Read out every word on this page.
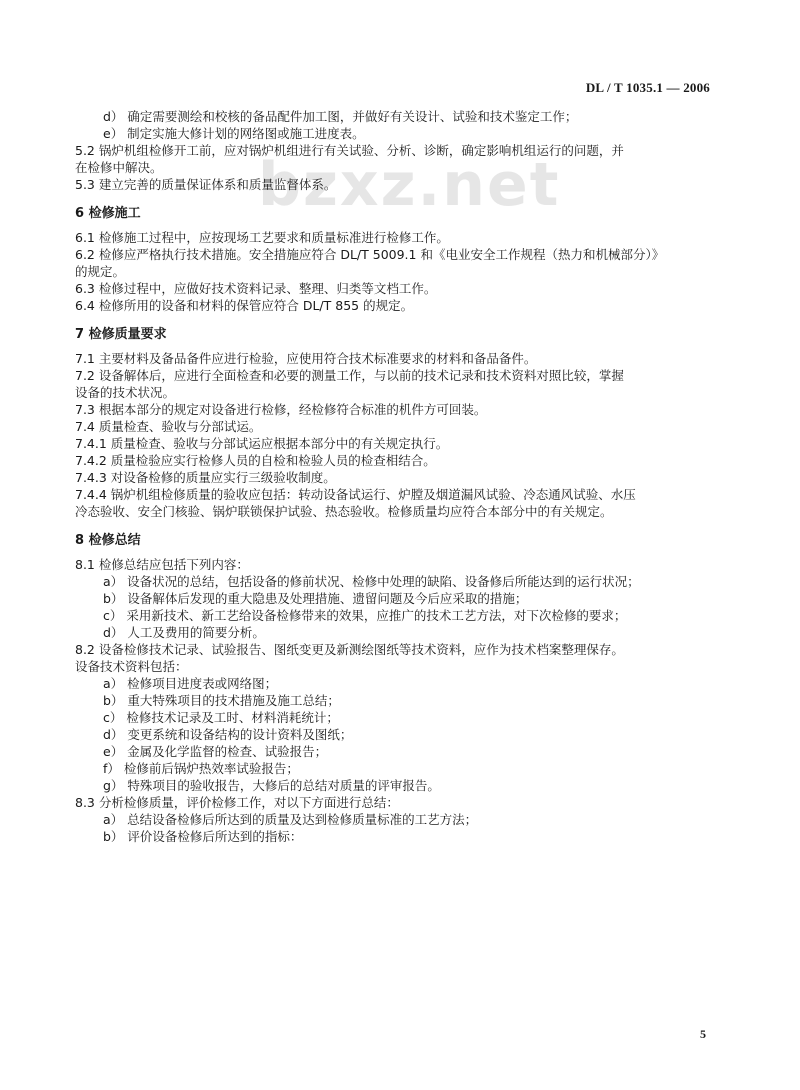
DL / T 1035.1 — 2006
bzxz.net
d） 确定需要测绘和校核的备品配件加工图，并做好有关设计、试验和技术鉴定工作；
e） 制定实施大修计划的网络图或施工进度表。
5.2 锅炉机组检修开工前，应对锅炉机组进行有关试验、分析、诊断，确定影响机组运行的问题，并
在检修中解决。
5.3 建立完善的质量保证体系和质量监督体系。
6 检修施工
6.1 检修施工过程中，应按现场工艺要求和质量标准进行检修工作。
6.2 检修应严格执行技术措施。安全措施应符合 DL/T 5009.1 和《电业安全工作规程（热力和机械部分）》
的规定。
6.3 检修过程中，应做好技术资料记录、整理、归类等文档工作。
6.4 检修所用的设备和材料的保管应符合 DL/T 855 的规定。
7 检修质量要求
7.1 主要材料及备品备件应进行检验，应使用符合技术标准要求的材料和备品备件。
7.2 设备解体后，应进行全面检查和必要的测量工作，与以前的技术记录和技术资料对照比较，掌握
设备的技术状况。
7.3 根据本部分的规定对设备进行检修，经检修符合标准的机件方可回装。
7.4 质量检查、验收与分部试运。
7.4.1 质量检查、验收与分部试运应根据本部分中的有关规定执行。
7.4.2 质量检验应实行检修人员的自检和检验人员的检查相结合。
7.4.3 对设备检修的质量应实行三级验收制度。
7.4.4 锅炉机组检修质量的验收应包括：转动设备试运行、炉膛及烟道漏风试验、冷态通风试验、水压
冷态验收、安全门核验、锅炉联锁保护试验、热态验收。检修质量均应符合本部分中的有关规定。
8 检修总结
8.1 检修总结应包括下列内容：
a） 设备状况的总结，包括设备的修前状况、检修中处理的缺陷、设备修后所能达到的运行状况；
b） 设备解体后发现的重大隐患及处理措施、遗留问题及今后应采取的措施；
c） 采用新技术、新工艺给设备检修带来的效果，应推广的技术工艺方法，对下次检修的要求；
d） 人工及费用的简要分析。
8.2 设备检修技术记录、试验报告、图纸变更及新测绘图纸等技术资料，应作为技术档案整理保存。
设备技术资料包括：
a） 检修项目进度表或网络图；
b） 重大特殊项目的技术措施及施工总结；
c） 检修技术记录及工时、材料消耗统计；
d） 变更系统和设备结构的设计资料及图纸；
e） 金属及化学监督的检查、试验报告；
f） 检修前后锅炉热效率试验报告；
g） 特殊项目的验收报告，大修后的总结对质量的评审报告。
8.3 分析检修质量，评价检修工作，对以下方面进行总结：
a） 总结设备检修后所达到的质量及达到检修质量标准的工艺方法；
b） 评价设备检修后所达到的指标：
5
